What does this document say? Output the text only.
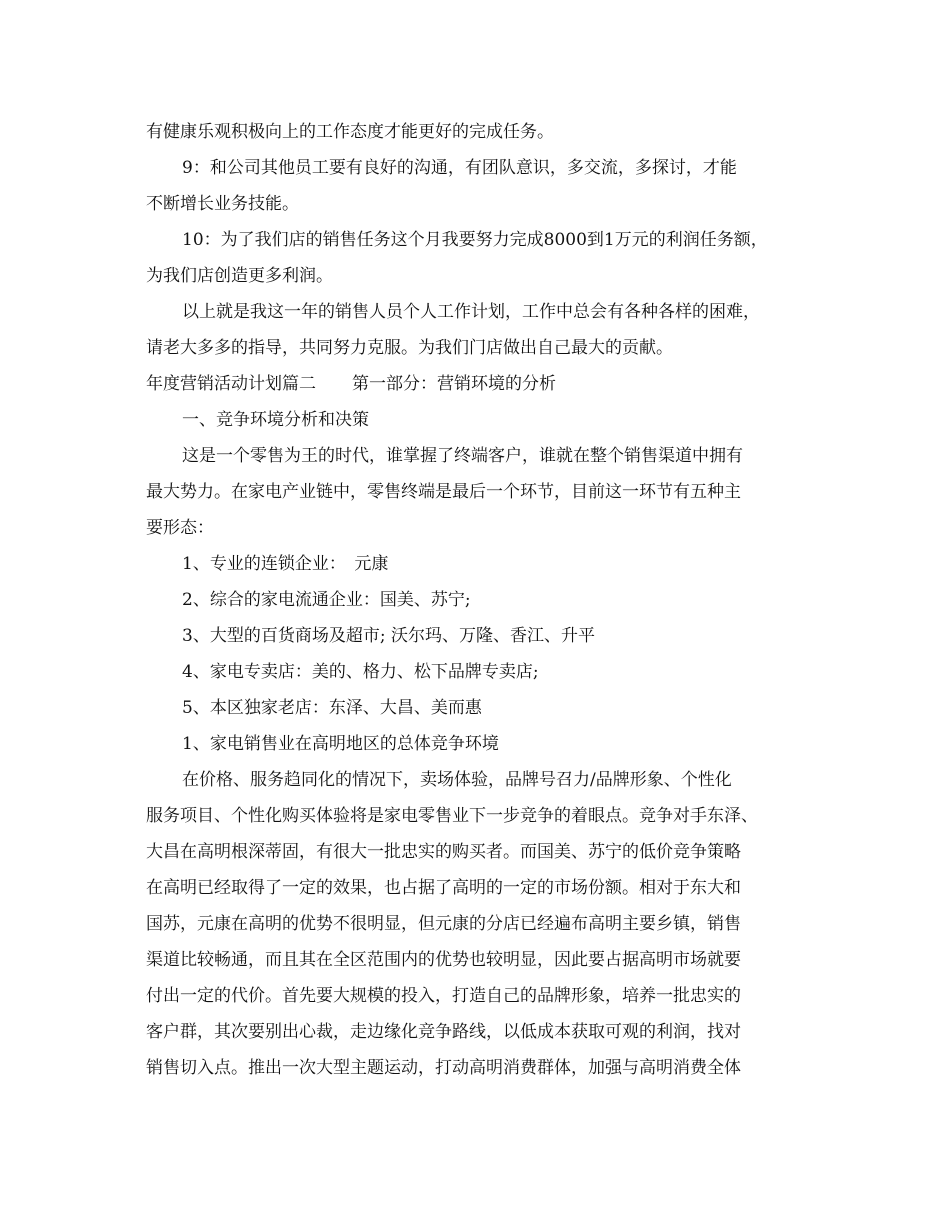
有健康乐观积极向上的工作态度才能更好的完成任务。
9：和公司其他员工要有良好的沟通，有团队意识，多交流，多探讨，才能
不断增长业务技能。
10：为了我们店的销售任务这个月我要努力完成8000到1万元的利润任务额，
为我们店创造更多利润。
以上就是我这一年的销售人员个人工作计划，工作中总会有各种各样的困难，
请老大多多的指导，共同努力克服。为我们门店做出自己最大的贡献。
年度营销活动计划篇二 第一部分：营销环境的分析
一、竞争环境分析和决策
这是一个零售为王的时代，谁掌握了终端客户，谁就在整个销售渠道中拥有
最大势力。在家电产业链中，零售终端是最后一个环节，目前这一环节有五种主
要形态：
1、专业的连锁企业：　元康
2、综合的家电流通企业：国美、苏宁;
3、大型的百货商场及超市; 沃尔玛、万隆、香江、升平
4、家电专卖店：美的、格力、松下品牌专卖店;
5、本区独家老店：东泽、大昌、美而惠
1、家电销售业在高明地区的总体竞争环境
在价格、服务趋同化的情况下，卖场体验，品牌号召力/品牌形象、个性化
服务项目、个性化购买体验将是家电零售业下一步竞争的着眼点。竞争对手东泽、
大昌在高明根深蒂固，有很大一批忠实的购买者。而国美、苏宁的低价竞争策略
在高明已经取得了一定的效果，也占据了高明的一定的市场份额。相对于东大和
国苏，元康在高明的优势不很明显，但元康的分店已经遍布高明主要乡镇，销售
渠道比较畅通，而且其在全区范围内的优势也较明显，因此要占据高明市场就要
付出一定的代价。首先要大规模的投入，打造自己的品牌形象，培养一批忠实的
客户群，其次要别出心裁，走边缘化竞争路线，以低成本获取可观的利润，找对
销售切入点。推出一次大型主题运动，打动高明消费群体，加强与高明消费全体
